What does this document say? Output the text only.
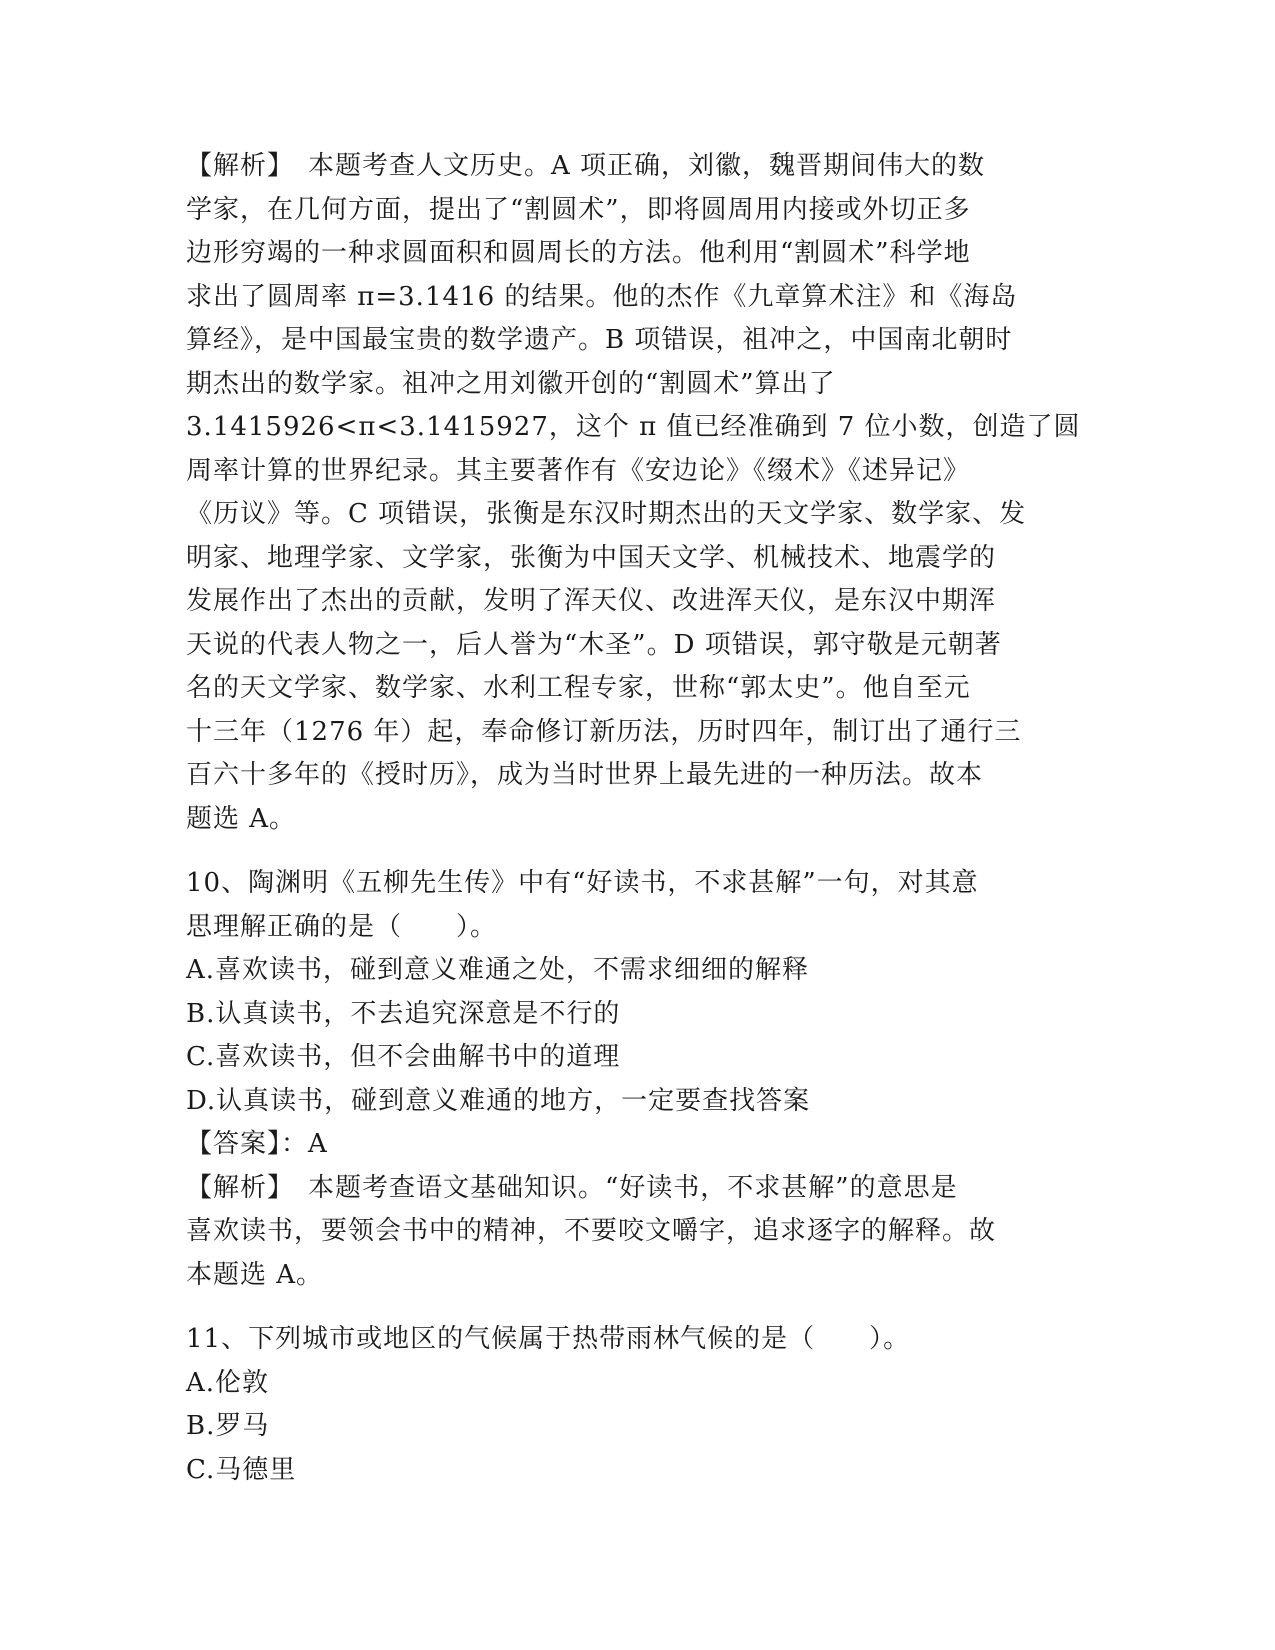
【解析】　本题考查人文历史。A 项正确，刘徽，魏晋期间伟大的数
学家，在几何方面，提出了“割圆术”，即将圆周用内接或外切正多
边形穷竭的一种求圆面积和圆周长的方法。他利用“割圆术”科学地
求出了圆周率 π=3.1416 的结果。他的杰作《九章算术注》和《海岛
算经》，是中国最宝贵的数学遗产。B 项错误，祖冲之，中国南北朝时
期杰出的数学家。祖冲之用刘徽开创的“割圆术”算出了
3.1415926<π<3.1415927，这个 π 值已经准确到 7 位小数，创造了圆
周率计算的世界纪录。其主要著作有《安边论》《缀术》《述异记》
《历议》等。C 项错误，张衡是东汉时期杰出的天文学家、数学家、发
明家、地理学家、文学家，张衡为中国天文学、机械技术、地震学的
发展作出了杰出的贡献，发明了浑天仪、改进浑天仪，是东汉中期浑
天说的代表人物之一，后人誉为“木圣”。D 项错误，郭守敬是元朝著
名的天文学家、数学家、水利工程专家，世称“郭太史”。他自至元
十三年（1276 年）起，奉命修订新历法，历时四年，制订出了通行三
百六十多年的《授时历》，成为当时世界上最先进的一种历法。故本
题选 A。
10、陶渊明《五柳先生传》中有“好读书，不求甚解”一句，对其意
思理解正确的是（　　）。
A.喜欢读书，碰到意义难通之处，不需求细细的解释
B.认真读书，不去追究深意是不行的
C.喜欢读书，但不会曲解书中的道理
D.认真读书，碰到意义难通的地方，一定要查找答案
【答案】：A
【解析】　本题考查语文基础知识。“好读书，不求甚解”的意思是
喜欢读书，要领会书中的精神，不要咬文嚼字，追求逐字的解释。故
本题选 A。
11、下列城市或地区的气候属于热带雨林气候的是（　　）。
A.伦敦
B.罗马
C.马德里
